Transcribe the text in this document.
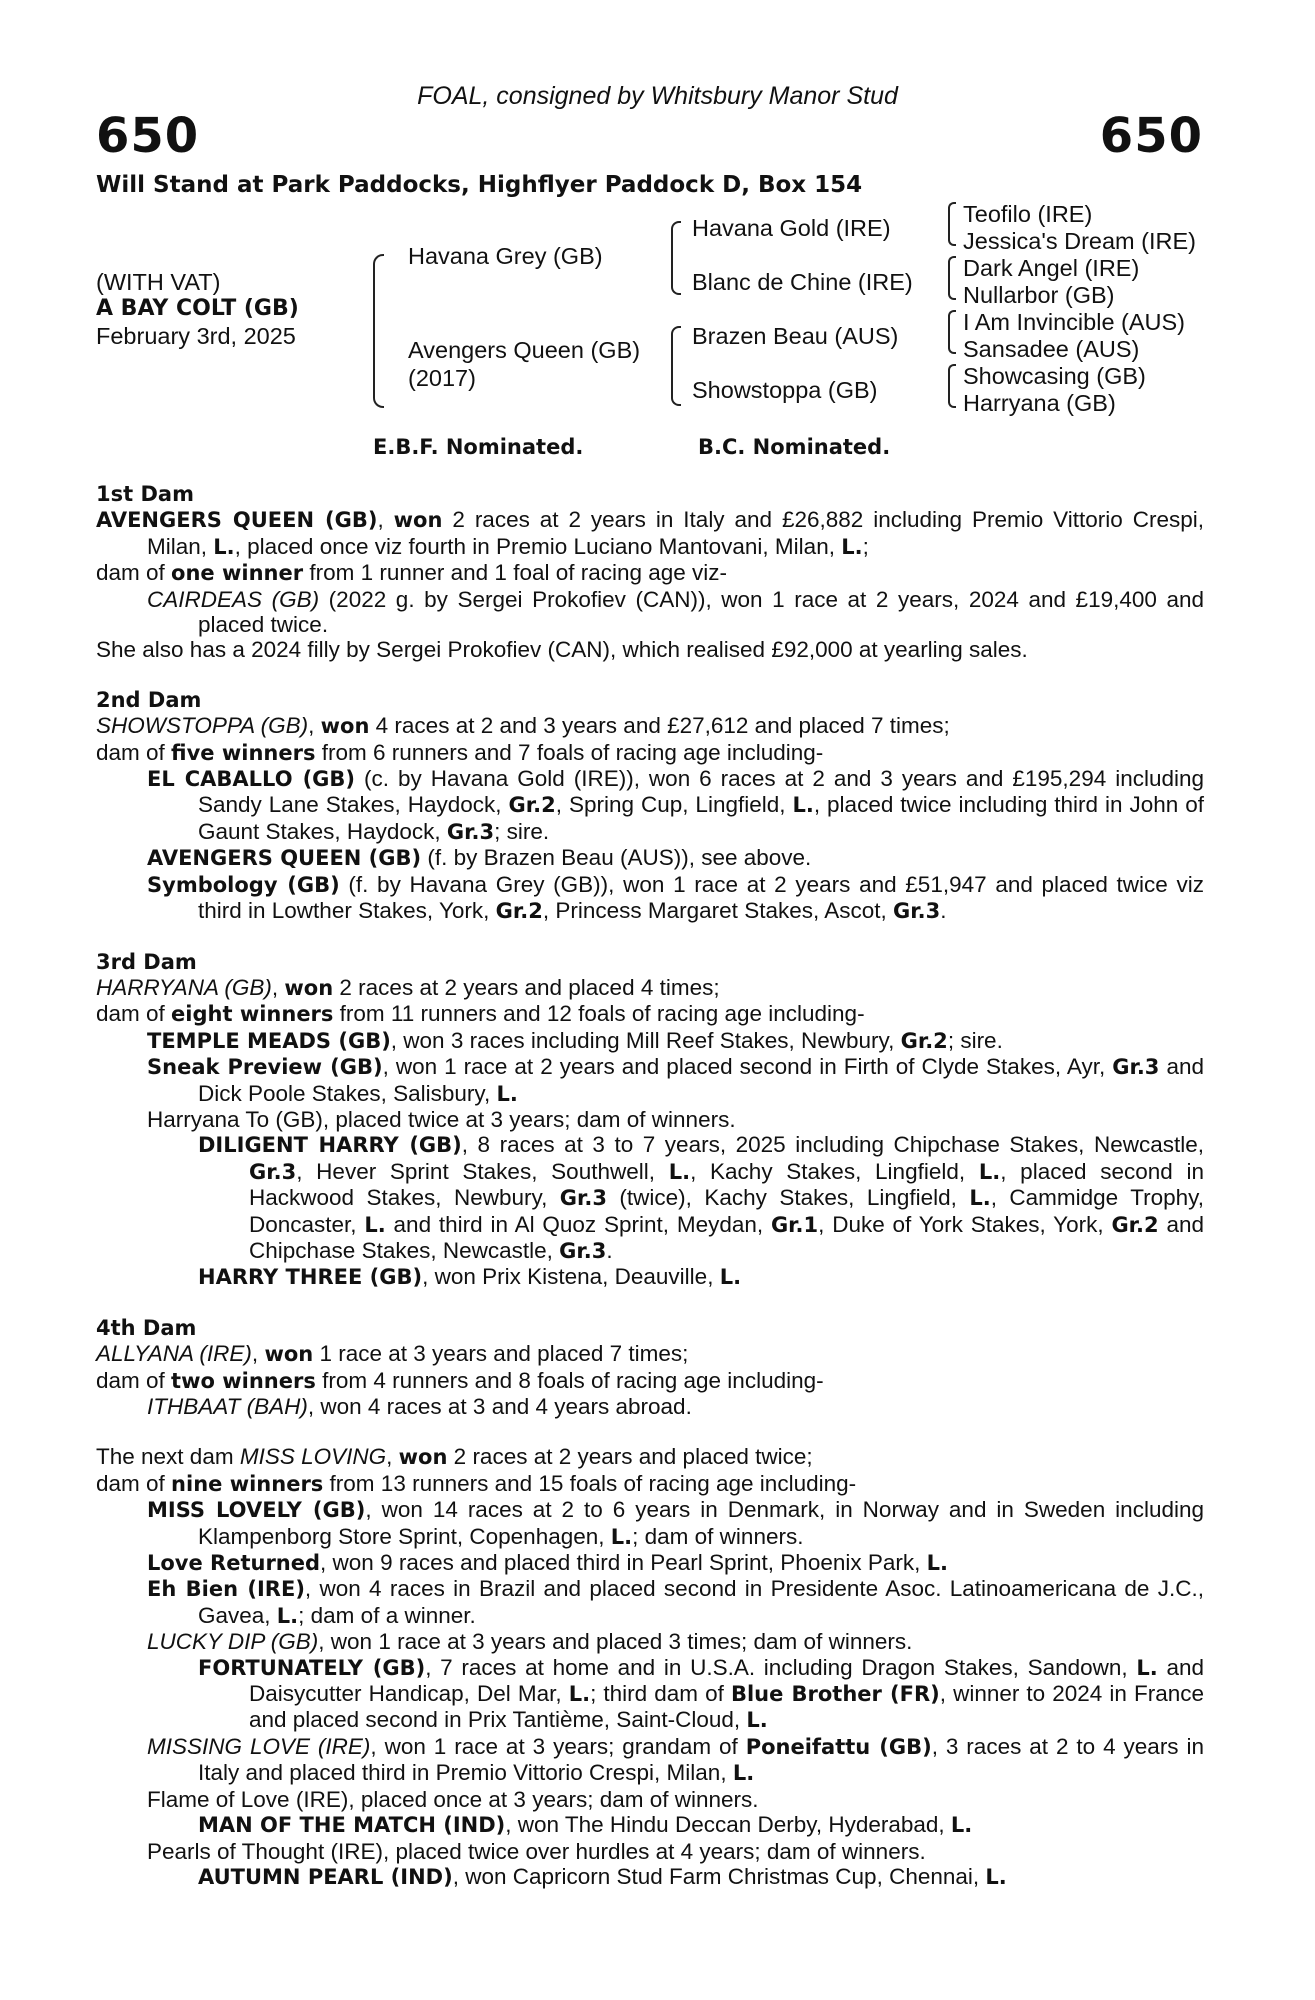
FOAL, consigned by Whitsbury Manor Stud
650	650
Will Stand at Park Paddocks, Highflyer Paddock D, Box 154
(WITH VAT)
A BAY COLT (GB)
February 3rd, 2025
Havana Grey (GB)
Avengers Queen (GB)
(2017)
Havana Gold (IRE)
Blanc de Chine (IRE)
Brazen Beau (AUS)
Showstoppa (GB)
Teofilo (IRE)
Jessica's Dream (IRE)
Dark Angel (IRE)
Nullarbor (GB)
I Am Invincible (AUS)
Sansadee (AUS)
Showcasing (GB)
Harryana (GB)
E.B.F. Nominated.	B.C. Nominated.
1st Dam
AVENGERS QUEEN (GB), won 2 races at 2 years in Italy and £26,882 including Premio Vittorio Crespi, Milan, L., placed once viz fourth in Premio Luciano Mantovani, Milan, L.;
dam of one winner from 1 runner and 1 foal of racing age viz-
CAIRDEAS (GB) (2022 g. by Sergei Prokofiev (CAN)), won 1 race at 2 years, 2024 and £19,400 and placed twice.
She also has a 2024 filly by Sergei Prokofiev (CAN), which realised £92,000 at yearling sales.
2nd Dam
SHOWSTOPPA (GB), won 4 races at 2 and 3 years and £27,612 and placed 7 times;
dam of five winners from 6 runners and 7 foals of racing age including-
EL CABALLO (GB) (c. by Havana Gold (IRE)), won 6 races at 2 and 3 years and £195,294 including Sandy Lane Stakes, Haydock, Gr.2, Spring Cup, Lingfield, L., placed twice including third in John of Gaunt Stakes, Haydock, Gr.3; sire.
AVENGERS QUEEN (GB) (f. by Brazen Beau (AUS)), see above.
Symbology (GB) (f. by Havana Grey (GB)), won 1 race at 2 years and £51,947 and placed twice viz third in Lowther Stakes, York, Gr.2, Princess Margaret Stakes, Ascot, Gr.3.
3rd Dam
HARRYANA (GB), won 2 races at 2 years and placed 4 times;
dam of eight winners from 11 runners and 12 foals of racing age including-
TEMPLE MEADS (GB), won 3 races including Mill Reef Stakes, Newbury, Gr.2; sire.
Sneak Preview (GB), won 1 race at 2 years and placed second in Firth of Clyde Stakes, Ayr, Gr.3 and Dick Poole Stakes, Salisbury, L.
Harryana To (GB), placed twice at 3 years; dam of winners.
DILIGENT HARRY (GB), 8 races at 3 to 7 years, 2025 including Chipchase Stakes, Newcastle, Gr.3, Hever Sprint Stakes, Southwell, L., Kachy Stakes, Lingfield, L., placed second in Hackwood Stakes, Newbury, Gr.3 (twice), Kachy Stakes, Lingfield, L., Cammidge Trophy, Doncaster, L. and third in Al Quoz Sprint, Meydan, Gr.1, Duke of York Stakes, York, Gr.2 and Chipchase Stakes, Newcastle, Gr.3.
HARRY THREE (GB), won Prix Kistena, Deauville, L.
4th Dam
ALLYANA (IRE), won 1 race at 3 years and placed 7 times;
dam of two winners from 4 runners and 8 foals of racing age including-
ITHBAAT (BAH), won 4 races at 3 and 4 years abroad.
The next dam MISS LOVING, won 2 races at 2 years and placed twice;
dam of nine winners from 13 runners and 15 foals of racing age including-
MISS LOVELY (GB), won 14 races at 2 to 6 years in Denmark, in Norway and in Sweden including Klampenborg Store Sprint, Copenhagen, L.; dam of winners.
Love Returned, won 9 races and placed third in Pearl Sprint, Phoenix Park, L.
Eh Bien (IRE), won 4 races in Brazil and placed second in Presidente Asoc. Latinoamericana de J.C., Gavea, L.; dam of a winner.
LUCKY DIP (GB), won 1 race at 3 years and placed 3 times; dam of winners.
FORTUNATELY (GB), 7 races at home and in U.S.A. including Dragon Stakes, Sandown, L. and Daisycutter Handicap, Del Mar, L.; third dam of Blue Brother (FR), winner to 2024 in France and placed second in Prix Tantième, Saint-Cloud, L.
MISSING LOVE (IRE), won 1 race at 3 years; grandam of Poneifattu (GB), 3 races at 2 to 4 years in Italy and placed third in Premio Vittorio Crespi, Milan, L.
Flame of Love (IRE), placed once at 3 years; dam of winners.
MAN OF THE MATCH (IND), won The Hindu Deccan Derby, Hyderabad, L.
Pearls of Thought (IRE), placed twice over hurdles at 4 years; dam of winners.
AUTUMN PEARL (IND), won Capricorn Stud Farm Christmas Cup, Chennai, L.
